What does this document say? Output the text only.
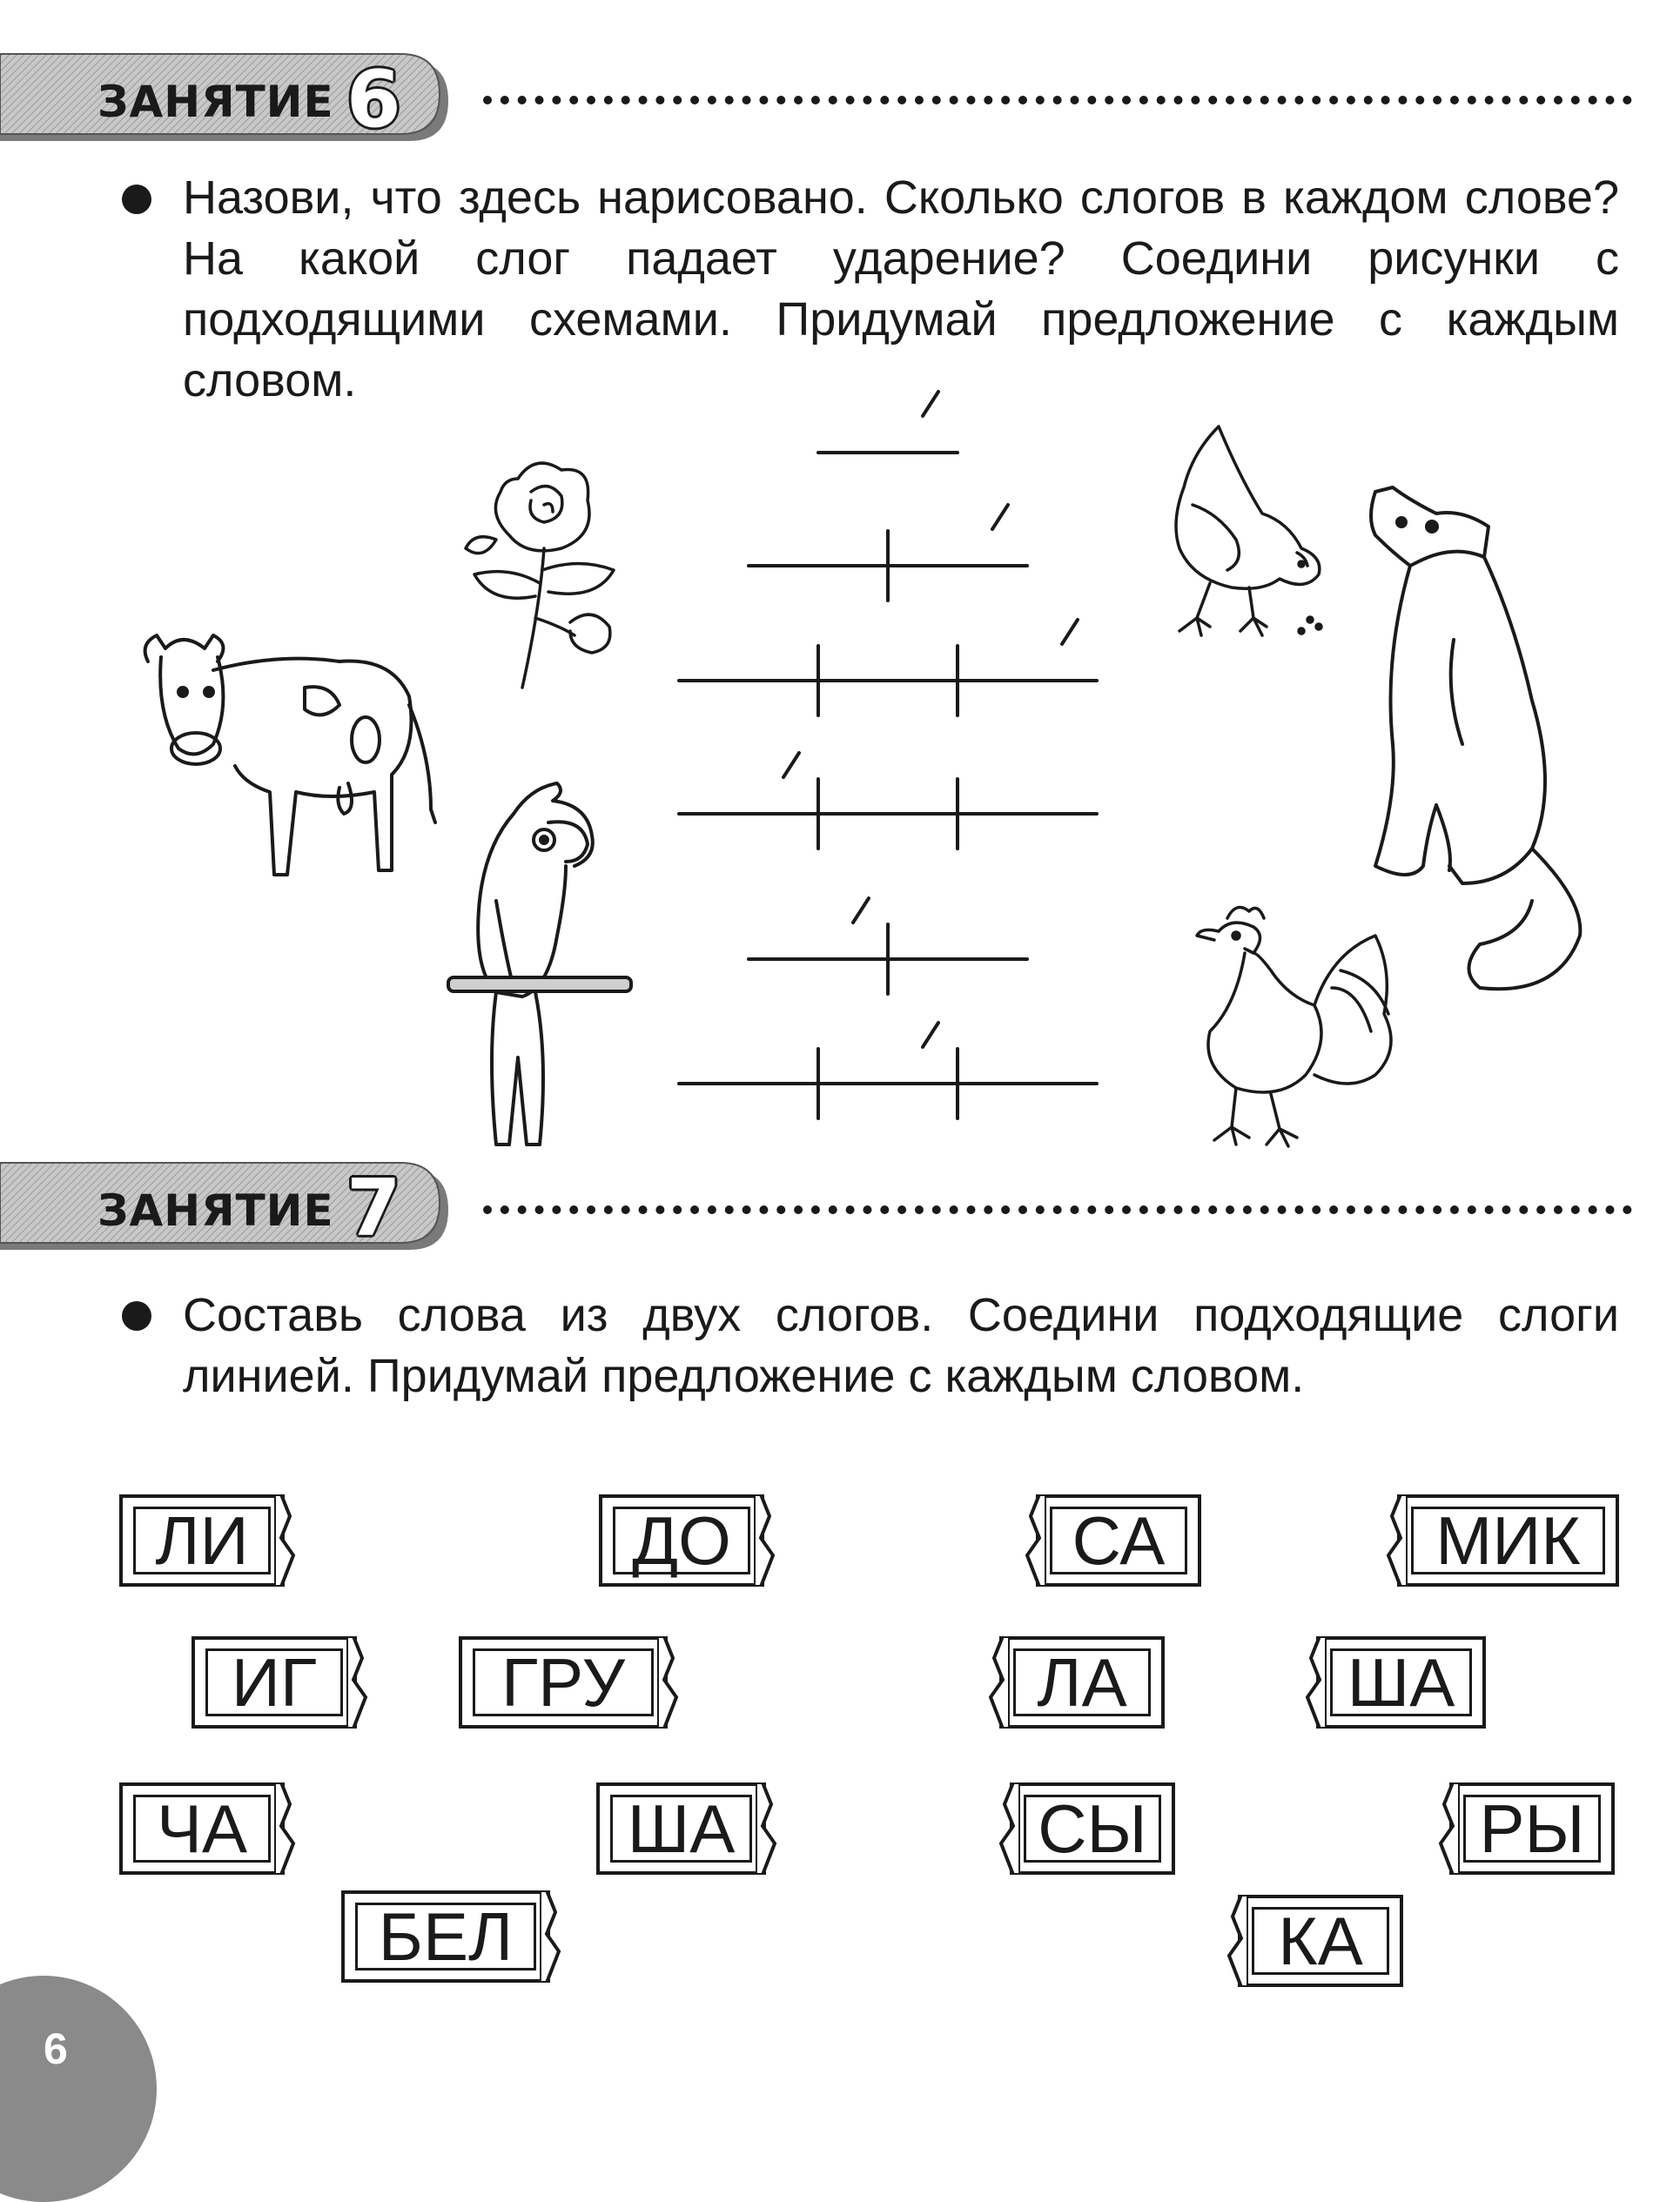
ЗАНЯТИЕ 6
Назови, что здесь нарисовано. Сколько слогов в каждом слове? На какой слог падает ударение? Соедини рисунки с подходящими схемами. Придумай предложение с каждым словом.
ЗАНЯТИЕ 7
Составь слова из двух слогов. Соедини подходящие слоги линией. Придумай предложение с каждым словом.
ЛИ	ДО	СА	МИК
ИГ	ГРУ	ЛА	ША
ЧА	ША	СЫ	РЫ
БЕЛ	КА
6
